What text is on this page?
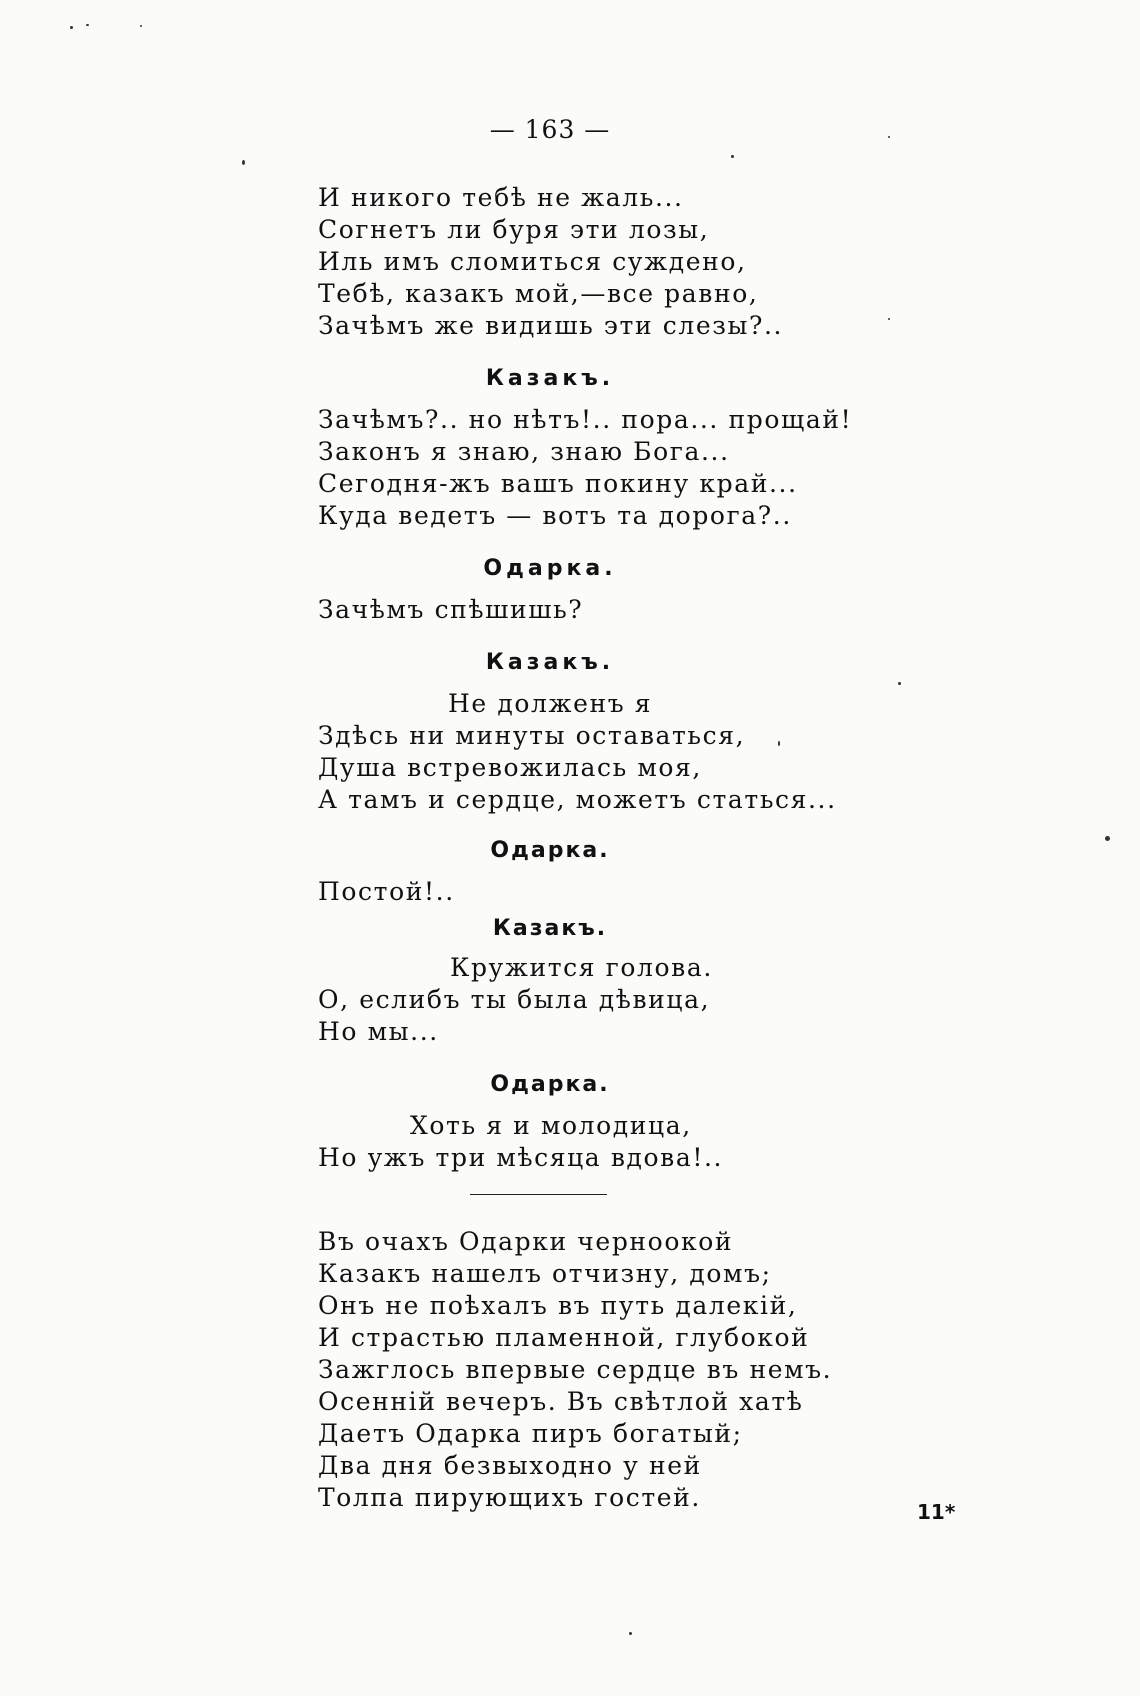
— 163 —
И никого тебѣ не жаль...
Согнетъ ли буря эти лозы,
Иль имъ сломиться суждено,
Тебѣ, казакъ мой,—все равно,
Зачѣмъ же видишь эти слезы?..
Казакъ.
Зачѣмъ?.. но нѣтъ!.. пора... прощай!
Законъ я знаю, знаю Бога...
Сегодня-жъ вашъ покину край...
Куда ведетъ — вотъ та дорога?..
Одарка.
Зачѣмъ спѣшишь?
Казакъ.
Не долженъ я
Здѣсь ни минуты оставаться,
Душа встревожилась моя,
А тамъ и сердце, можетъ статься...
Одарка.
Постой!..
Казакъ.
Кружится голова.
О, еслибъ ты была дѣвица,
Но мы...
Одарка.
Хоть я и молодица,
Но ужъ три мѣсяца вдова!..
Въ очахъ Одарки черноокой
Казакъ нашелъ отчизну, домъ;
Онъ не поѣхалъ въ путь далекій,
И страстью пламенной, глубокой
Зажглось впервые сердце въ немъ.
Осенній вечеръ. Въ свѣтлой хатѣ
Даетъ Одарка пиръ богатый;
Два дня безвыходно у ней
Толпа пирующихъ гостей.	11*
